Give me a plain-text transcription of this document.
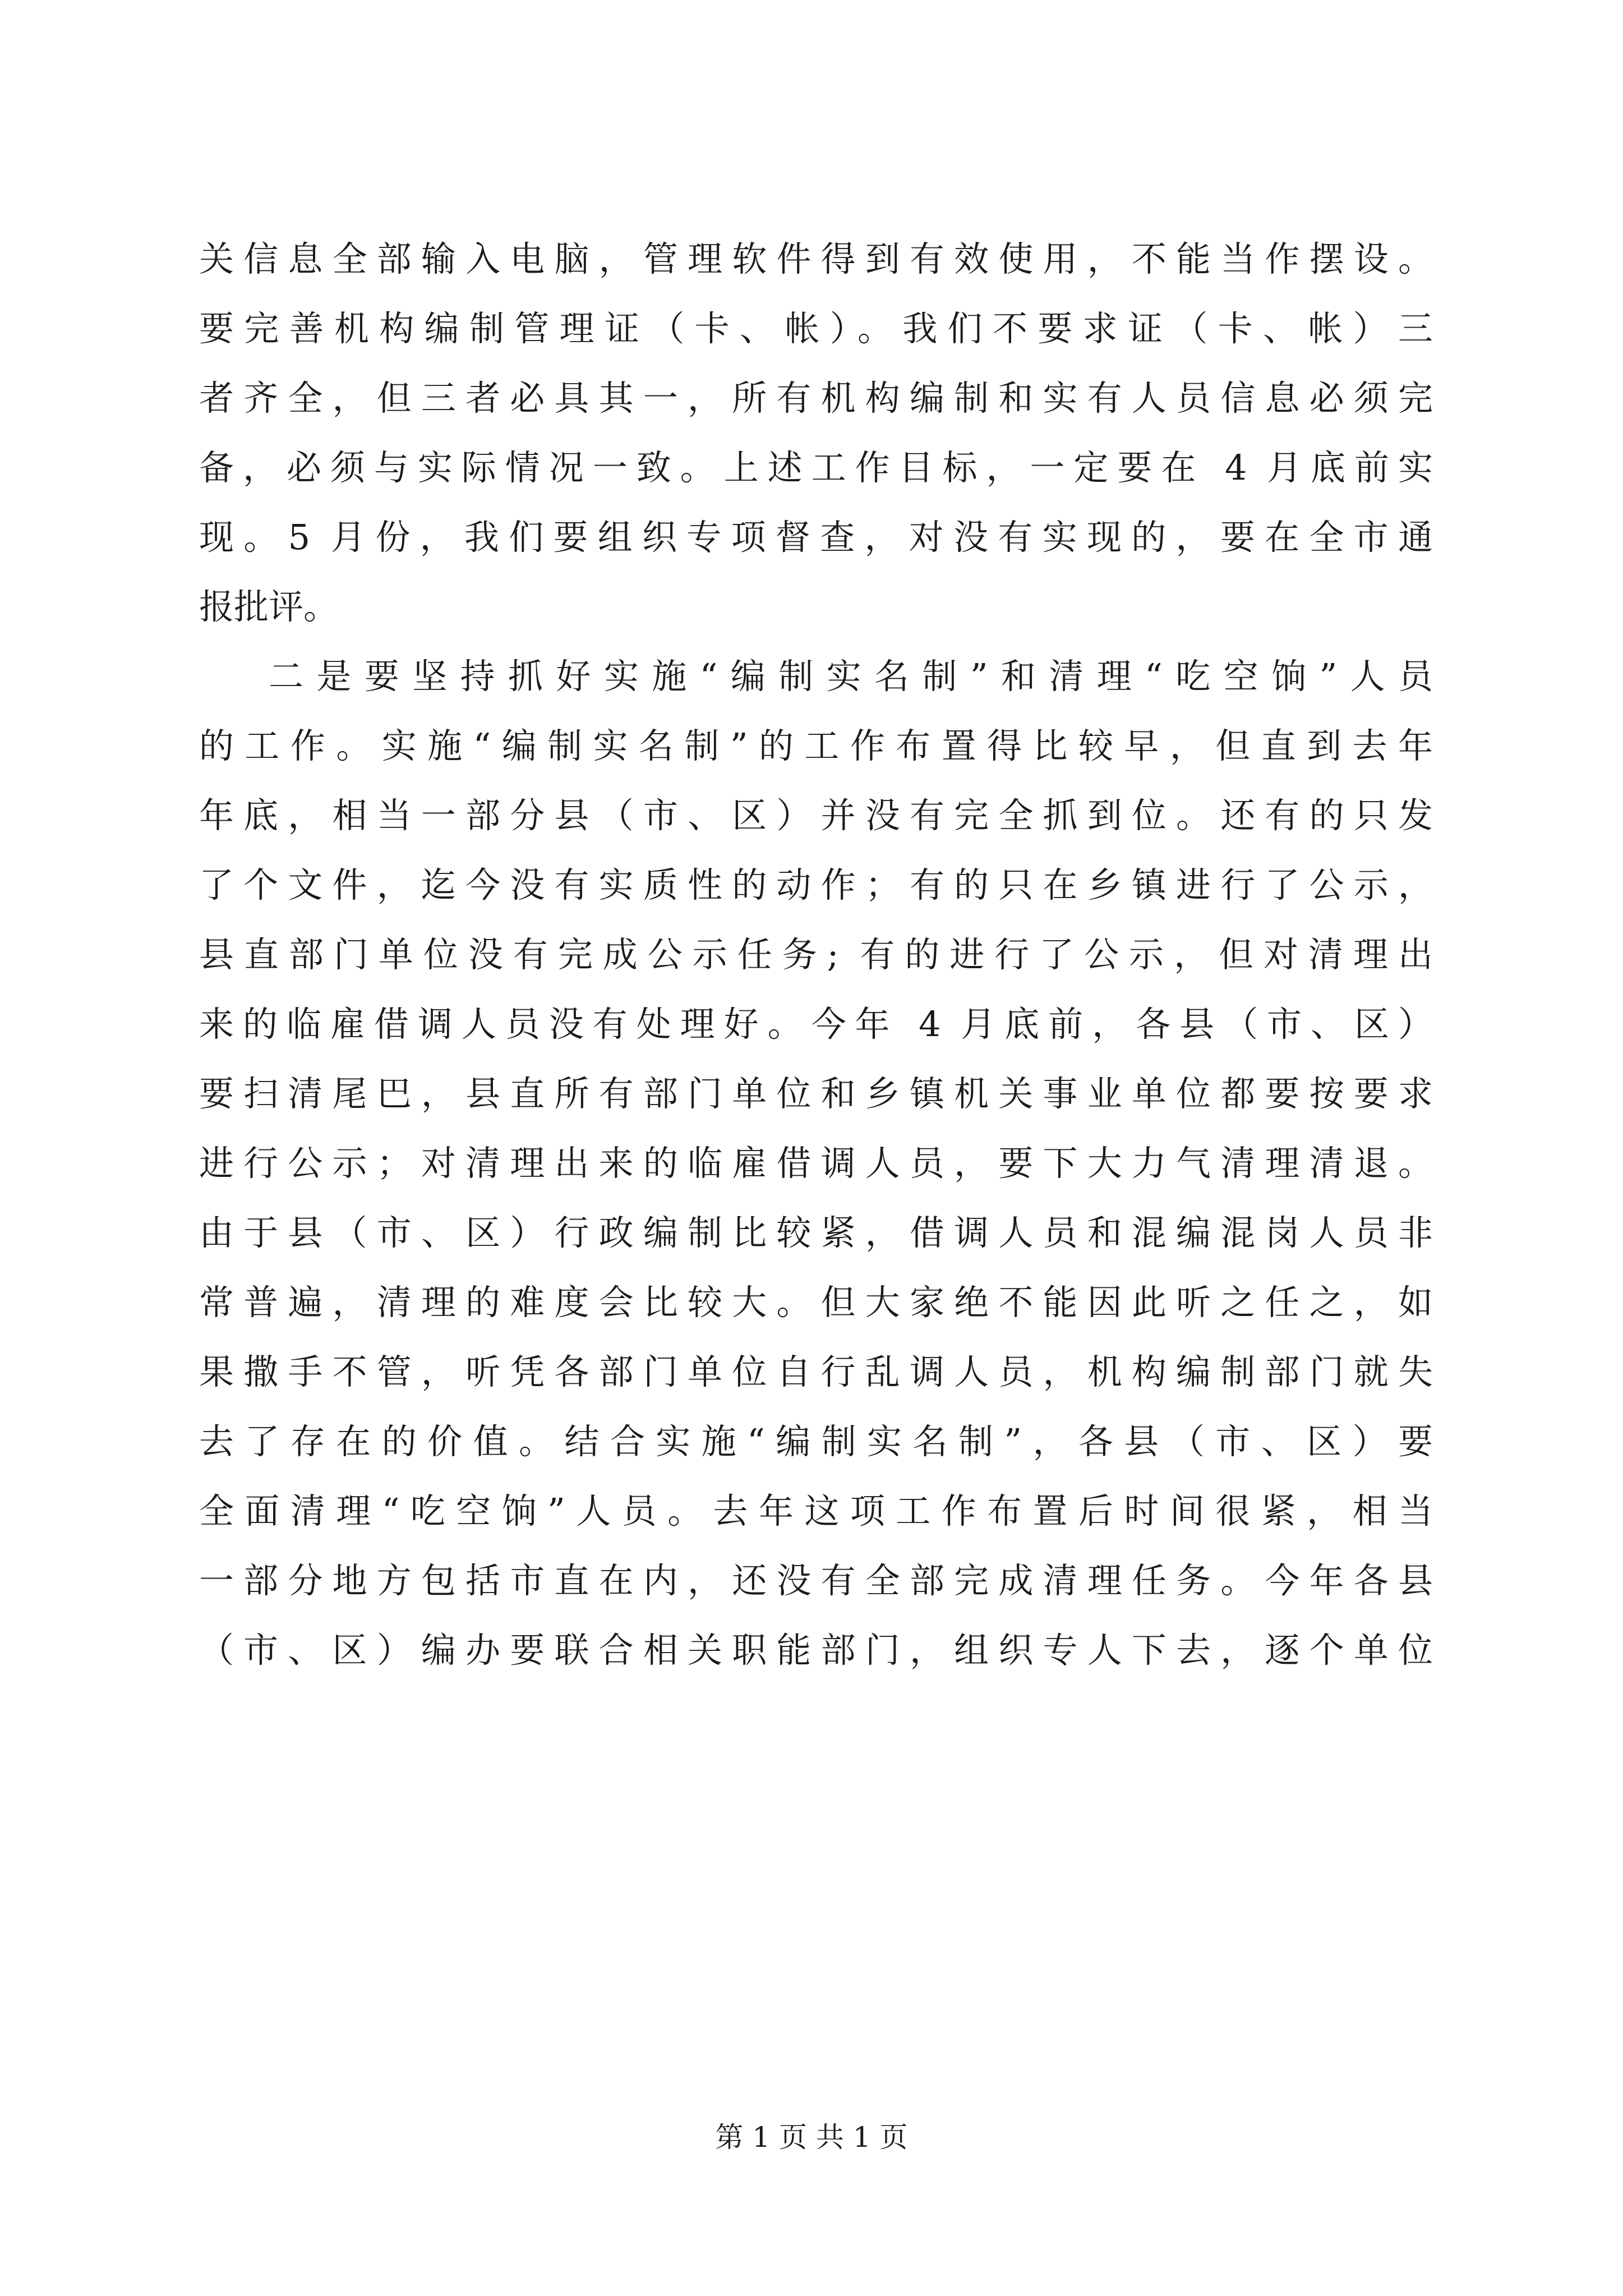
关信息全部输入电脑，管理软件得到有效使用，不能当作摆设。
要完善机构编制管理证（卡、帐）。我们不要求证（卡、帐）三
者齐全，但三者必具其一，所有机构编制和实有人员信息必须完
备，必须与实际情况一致。上述工作目标，一定要在 4 月底前实
现。5 月份，我们要组织专项督查，对没有实现的，要在全市通
报批评。
二是要坚持抓好实施“编制实名制”和清理“吃空饷”人员
的工作。实施“编制实名制”的工作布置得比较早，但直到去年
年底，相当一部分县（市、区）并没有完全抓到位。还有的只发
了个文件，迄今没有实质性的动作；有的只在乡镇进行了公示，
县直部门单位没有完成公示任务; 有的进行了公示，但对清理出
来的临雇借调人员没有处理好。今年 4 月底前，各县（市、区）
要扫清尾巴，县直所有部门单位和乡镇机关事业单位都要按要求
进行公示；对清理出来的临雇借调人员，要下大力气清理清退。
由于县（市、区）行政编制比较紧，借调人员和混编混岗人员非
常普遍，清理的难度会比较大。但大家绝不能因此听之任之，如
果撒手不管，听凭各部门单位自行乱调人员，机构编制部门就失
去了存在的价值。结合实施“编制实名制”，各县（市、区）要
全面清理“吃空饷”人员。去年这项工作布置后时间很紧，相当
一部分地方包括市直在内，还没有全部完成清理任务。今年各县
（市、区）编办要联合相关职能部门，组织专人下去，逐个单位
第 1 页 共 1 页
